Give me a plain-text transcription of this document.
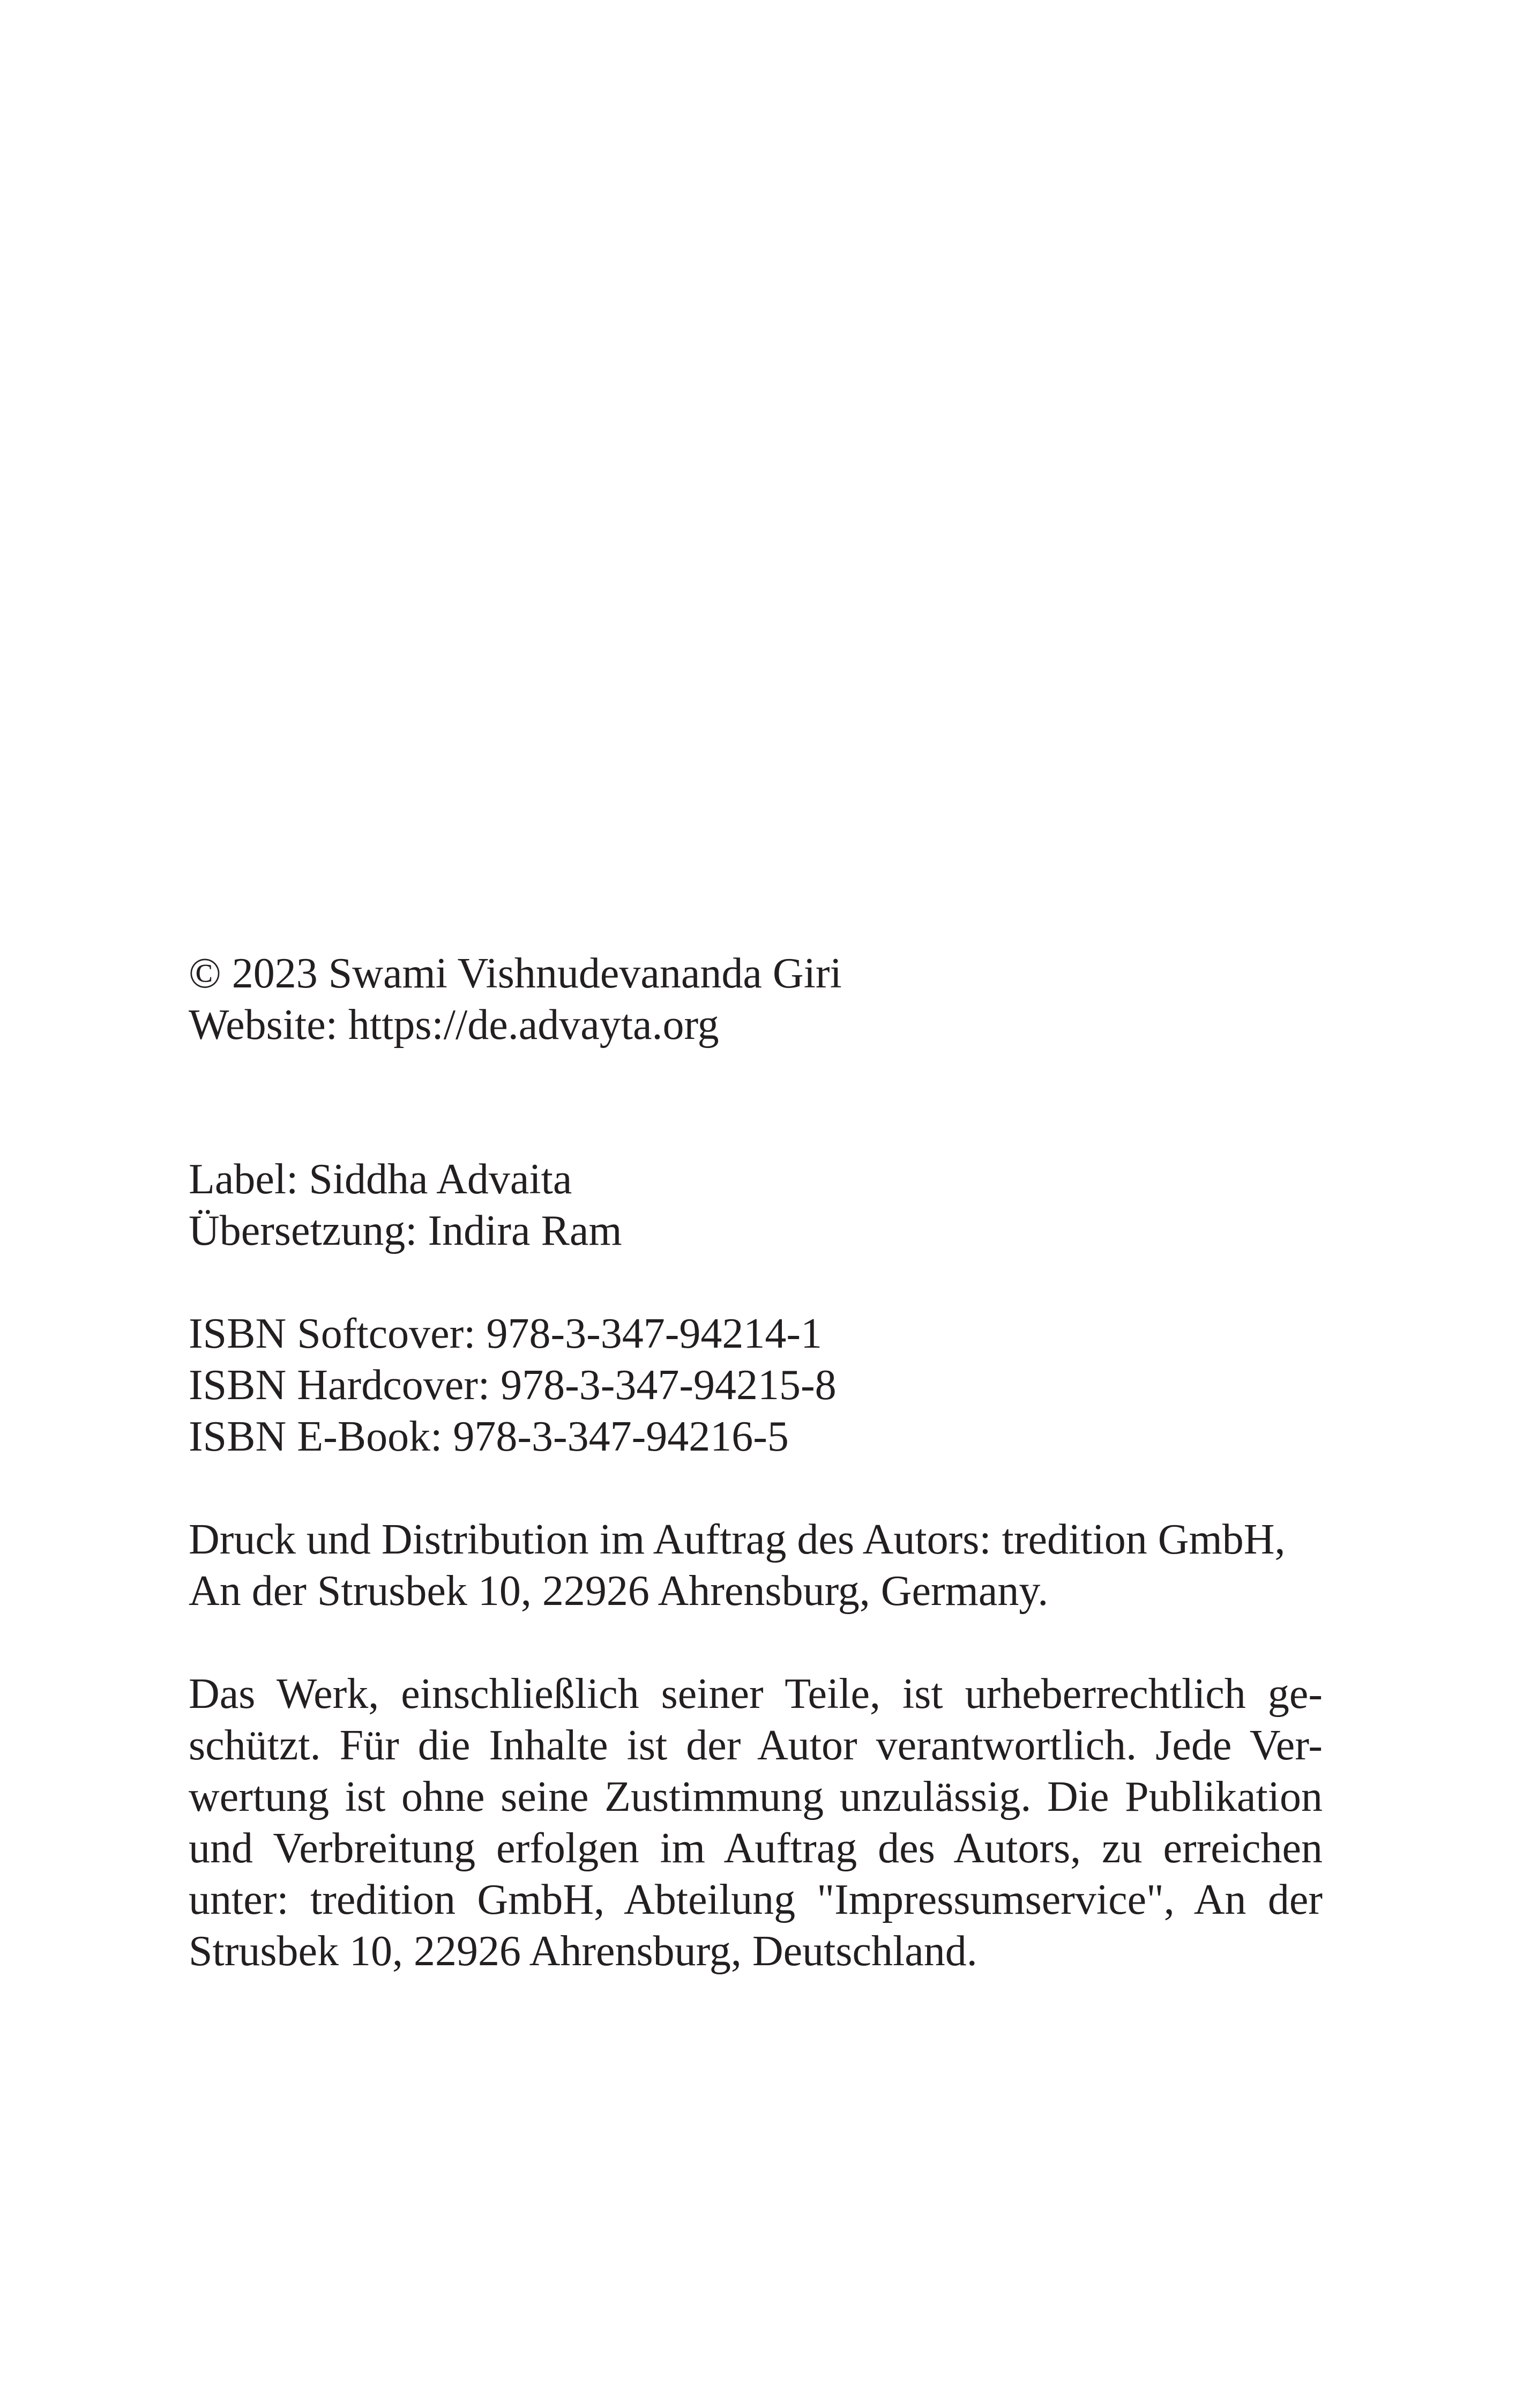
© 2023 Swami Vishnudevananda Giri
Website: https://de.advayta.org
Label: Siddha Advaita
Übersetzung: Indira Ram
ISBN Softcover: 978-3-347-94214-1
ISBN Hardcover: 978-3-347-94215-8
ISBN E-Book: 978-3-347-94216-5
Druck und Distribution im Auftrag des Autors: tredition GmbH,
An der Strusbek 10, 22926 Ahrensburg, Germany.
Das Werk, einschließlich seiner Teile, ist urheberrechtlich ge-
schützt. Für die Inhalte ist der Autor verantwortlich. Jede Ver-
wertung ist ohne seine Zustimmung unzulässig. Die Publikation
und Verbreitung erfolgen im Auftrag des Autors, zu erreichen
unter: tredition GmbH, Abteilung "Impressumservice", An der
Strusbek 10, 22926 Ahrensburg, Deutschland.
